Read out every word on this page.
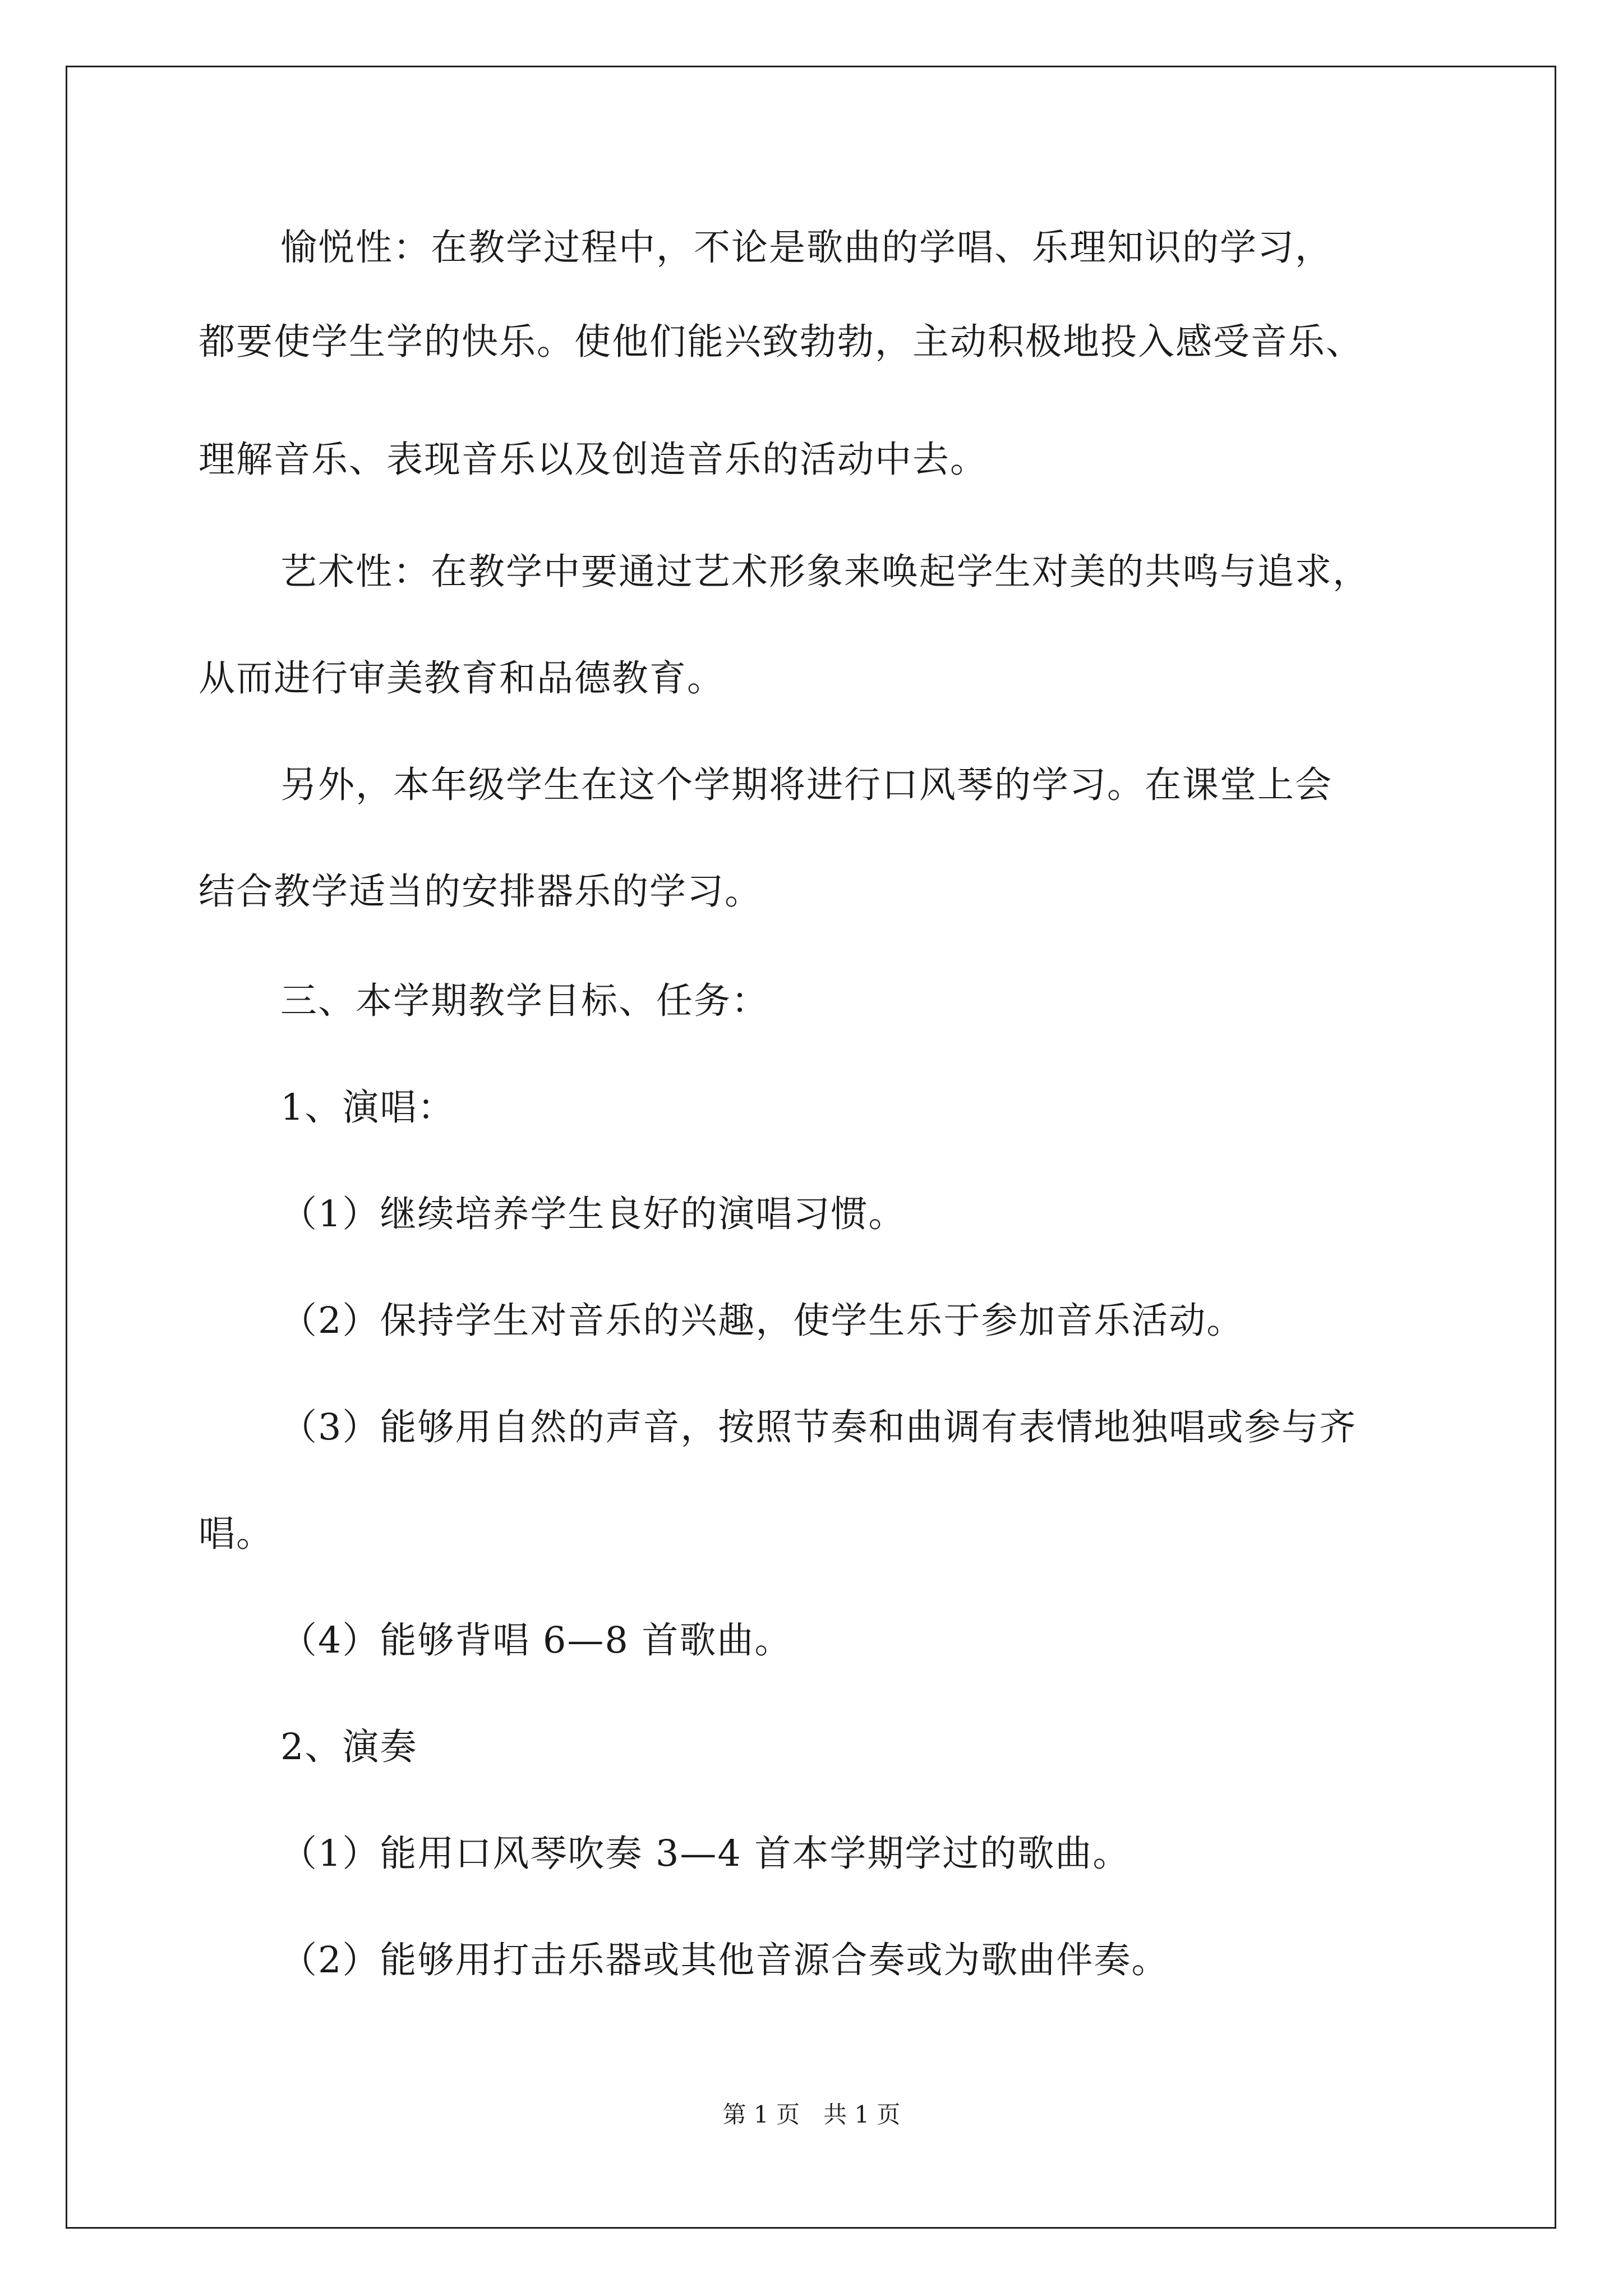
愉悦性：在教学过程中，不论是歌曲的学唱、乐理知识的学习，
都要使学生学的快乐。使他们能兴致勃勃，主动积极地投入感受音乐、
理解音乐、表现音乐以及创造音乐的活动中去。
艺术性：在教学中要通过艺术形象来唤起学生对美的共鸣与追求，
从而进行审美教育和品德教育。
另外，本年级学生在这个学期将进行口风琴的学习。在课堂上会
结合教学适当的安排器乐的学习。
三、本学期教学目标、任务：
1、演唱：
（1）继续培养学生良好的演唱习惯。
（2）保持学生对音乐的兴趣，使学生乐于参加音乐活动。
（3）能够用自然的声音，按照节奏和曲调有表情地独唱或参与齐
唱。
（4）能够背唱 6—8 首歌曲。
2、演奏
（1）能用口风琴吹奏 3—4 首本学期学过的歌曲。
（2）能够用打击乐器或其他音源合奏或为歌曲伴奏。
第 1 页　共 1 页
